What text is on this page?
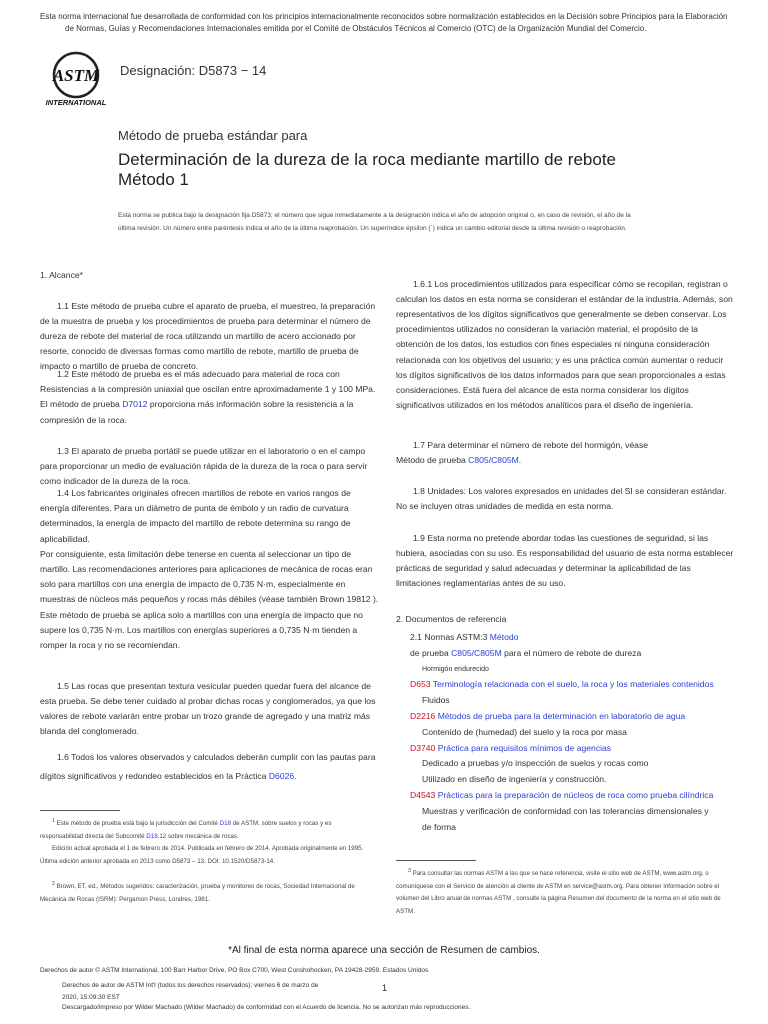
Esta norma internacional fue desarrollada de conformidad con los principios internacionalmente reconocidos sobre normalización establecidos en la Decisión sobre Principios para la Elaboración
de Normas, Guías y Recomendaciones Internacionales emitida por el Comité de Obstáculos Técnicos al Comercio (OTC) de la Organización Mundial del Comercio.
ASTM
INTERNATIONAL
Designación: D5873 − 14
Método de prueba estándar para
Determinación de la dureza de la roca mediante martillo de rebote
Método 1
Esta norma se publica bajo la designación fija D5873; el número que sigue inmediatamente a la designación indica el año de adopción original o, en caso de revisión, el año de la
última revisión. Un número entre paréntesis indica el año de la última reaprobación. Un superíndice épsilon (´) indica un cambio editorial desde la última revisión o reaprobación.
1. Alcance*

1.1 Este método de prueba cubre el aparato de prueba, el muestreo, la preparación de la muestra de prueba y los procedimientos de prueba para determinar el número de dureza de rebote del material de roca utilizando un martillo de acero accionado por resorte, conocido de diversas formas como martillo de rebote, martillo de prueba de impacto o martillo de prueba de concreto.

1.2 Este método de prueba es el más adecuado para material de roca con
Resistencias a la compresión uniaxial que oscilan entre aproximadamente 1 y 100 MPa. El método de prueba D7012 proporciona más información sobre la resistencia a la compresión de la roca.

1.3 El aparato de prueba portátil se puede utilizar en el laboratorio o en el campo para proporcionar un medio de evaluación rápida de la dureza de la roca o para servir como indicador de la dureza de la roca.

1.4 Los fabricantes originales ofrecen martillos de rebote en varios rangos de energía diferentes. Para un diámetro de punta de émbolo y un radio de curvatura determinados, la energía de impacto del martillo de rebote determina su rango de aplicabilidad.

Por consiguiente, esta limitación debe tenerse en cuenta al seleccionar un tipo de martillo. Las recomendaciones anteriores para aplicaciones de mecánica de rocas eran solo para martillos con una energía de impacto de 0,735 N·m, especialmente en muestras de núcleos más pequeños y rocas más débiles (véase también Brown 19812 ). Este método de prueba se aplica solo a martillos con una energía de impacto que no supere los 0,735 N·m. Los martillos con energías superiores a 0,735 N·m tienden a romper la roca y no se recomiendan.

1.5 Las rocas que presentan textura vesicular pueden quedar fuera del alcance de esta prueba. Se debe tener cuidado al probar dichas rocas y conglomerados, ya que los valores de rebote variarán entre probar un trozo grande de agregado y una matriz más blanda del conglomerado.

1.6 Todos los valores observados y calculados deberán cumplir con las pautas para dígitos significativos y redondeo establecidos en la Práctica D6026.
$^1$ Este método de prueba está bajo la jurisdicción del Comité D18 de ASTM. sobre suelos y rocas y es responsabilidad directa del Subcomité D18.12 sobre mecánica de rocas.
Edición actual aprobada el 1 de febrero de 2014. Publicada en febrero de 2014. Aprobada originalmente en 1995. Última edición anterior aprobada en 2013 como D5873 – 13. DOI: 10.1520/D5873-14.
$^2$ Brown, ET, ed., Métodos sugeridos: caracterización, prueba y monitoreo de rocas, Sociedad Internacional de Mecánica de Rocas (ISRM): Pergamon Press, Londres, 1981.

1.6.1 Los procedimientos utilizados para especificar cómo se recopilan, registran o calculan los datos en esta norma se consideran el estándar de la industria. Además, son representativos de los dígitos significativos que generalmente se deben conservar. Los procedimientos utilizados no consideran la variación material, el propósito de la obtención de los datos, los estudios con fines especiales ni ninguna consideración relacionada con los objetivos del usuario; y es una práctica común aumentar o reducir los dígitos significativos de los datos informados para que sean proporcionales a estas consideraciones. Está fuera del alcance de esta norma considerar los dígitos significativos utilizados en los métodos analíticos para el diseño de ingeniería.

1.7 Para determinar el número de rebote del hormigón, véase
Método de prueba C805/C805M.

1.8 Unidades: Los valores expresados en unidades del SI se consideran estándar. No se incluyen otras unidades de medida en esta norma.

1.9 Esta norma no pretende abordar todas las cuestiones de seguridad, si las hubiera, asociadas con su uso. Es responsabilidad del usuario de esta norma establecer prácticas de seguridad y salud adecuadas y determinar la aplicabilidad de las limitaciones reglamentarias antes de su uso.

2. Documentos de referencia
2.1 Normas ASTM:3 Método
de prueba C805/C805M para el número de rebote de dureza
Hormigón endurecido
D653 Terminología relacionada con el suelo, la roca y los materiales contenidos
Fluidos
D2216 Métodos de prueba para la determinación en laboratorio de agua
Contenido de (humedad) del suelo y la roca por masa
D3740 Práctica para requisitos mínimos de agencias
Dedicado a pruebas y/o inspección de suelos y rocas como
Utilizado en diseño de ingeniería y construcción.
D4543 Prácticas para la preparación de núcleos de roca como prueba cilíndrica
Muestras y verificación de conformidad con las tolerancias dimensionales y
de forma
$^3$ Para consultar las normas ASTM a las que se hace referencia, visite el sitio web de ASTM, www.astm.org, o comuníquese con el Servicio de atención al cliente de ASTM en service@astm.org. Para obtener información sobre el volumen del Libro anual de normas ASTM , consulte la página Resumen del documento de la norma en el sitio web de ASTM.
*Al final de esta norma aparece una sección de Resumen de cambios.
Derechos de autor © ASTM International, 100 Barr Harbor Drive, PO Box C700, West Conshohocken, PA 19428-2959. Estados Unidos
Derechos de autor de ASTM Int'l (todos los derechos reservados); viernes 6 de marzo de
2020, 15:09:30 EST
1
Descargado/impreso por Wilder Machado (Wilder Machado) de conformidad con el Acuerdo de licencia. No se autorizan más reproducciones.
